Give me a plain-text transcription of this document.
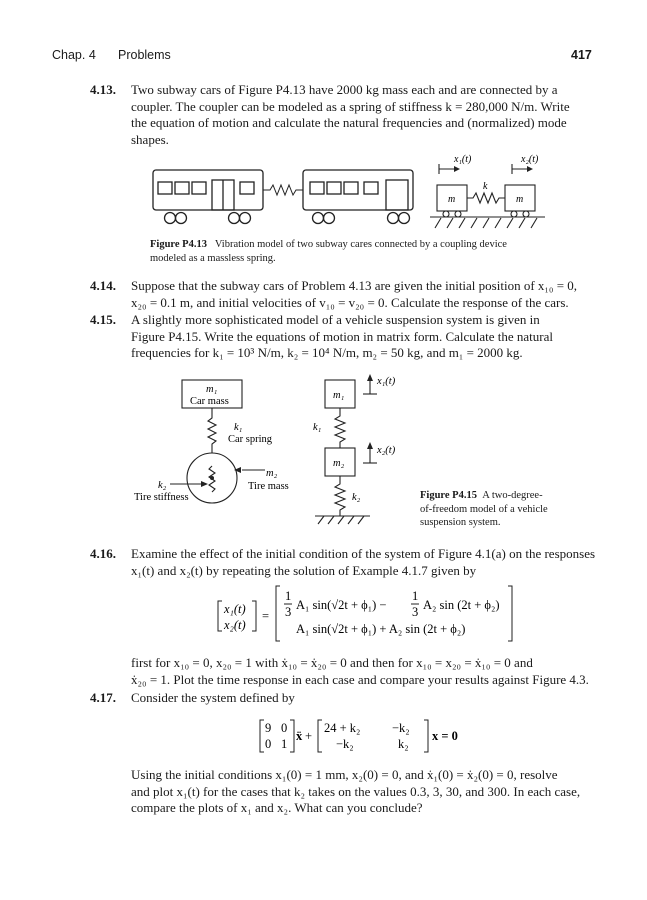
Chap. 4 Problems	417
4.13. Two subway cars of Figure P4.13 have 2000 kg mass each and are connected by a
coupler. The coupler can be modeled as a spring of stiffness k = 280,000 N/m. Write
the equation of motion and calculate the natural frequencies and (normalized) mode
shapes.
x₁(t)	x₂(t)
k
m	m
Figure P4.13 Vibration model of two subway cares connected by a coupling device
modeled as a massless spring.
4.14. Suppose that the subway cars of Problem 4.13 are given the initial position of x₁₀ = 0,
x₂₀ = 0.1 m, and initial velocities of v₁₀ = v₂₀ = 0. Calculate the response of the cars.
4.15. A slightly more sophisticated model of a vehicle suspension system is given in
Figure P4.15. Write the equations of motion in matrix form. Calculate the natural
frequencies for k₁ = 10³ N/m, k₂ = 10⁴ N/m, m₂ = 50 kg, and m₁ = 2000 kg.
m₁
Car mass
k₁
Car spring
m₂
Tire mass
k₂
Tire stiffness
m₁
k₁
m₂
k₂
x₁(t)
x₂(t)
Figure P4.15 A two-degree-
of-freedom model of a vehicle
suspension system.
4.16. Examine the effect of the initial condition of the system of Figure 4.1(a) on the responses
x₁(t) and x₂(t) by repeating the solution of Example 4.1.7 given by
x₁(t)
x₂(t)
=
1
3 A₁ sin(√2t + ϕ₁) −
1
3 A₂ sin (2t + ϕ₂)
A₁ sin(√2t + ϕ₁) + A₂ sin (2t + ϕ₂)
first for x₁₀ = 0, x₂₀ = 1 with ẋ₁₀ = ẋ₂₀ = 0 and then for x₁₀ = x₂₀ = ẋ₁₀ = 0 and
ẋ₂₀ = 1. Plot the time response in each case and compare your results against Figure 4.3.
4.17. Consider the system defined by
9 0
0 1
ẍ +
24 + k₂	−k₂
−k₂	k₂
x = 0
Using the initial conditions x₁(0) = 1 mm, x₂(0) = 0, and ẋ₁(0) = ẋ₂(0) = 0, resolve
and plot x₁(t) for the cases that k₂ takes on the values 0.3, 3, 30, and 300. In each case,
compare the plots of x₁ and x₂. What can you conclude?
